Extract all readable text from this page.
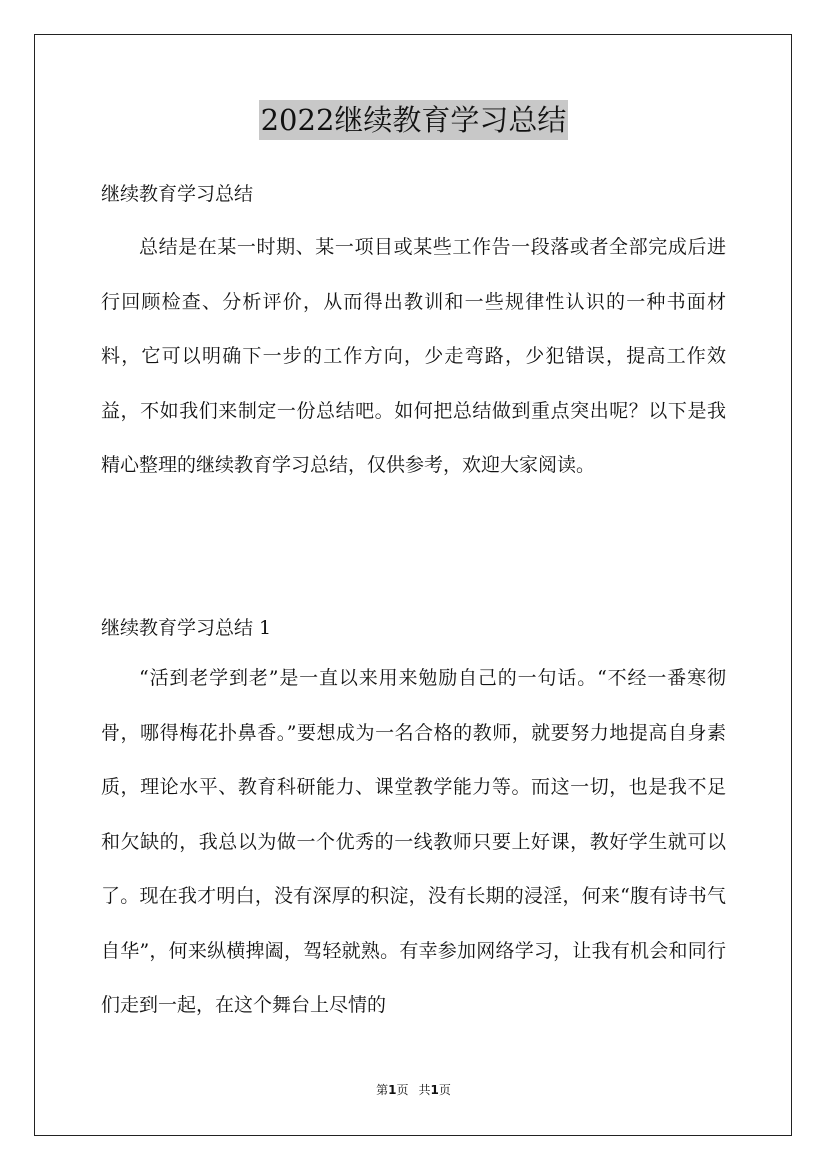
2022继续教育学习总结
继续教育学习总结

总结是在某一时期、某一项目或某些工作告一段落或者全部完成后进行回顾检查、分析评价，从而得出教训和一些规律性认识的一种书面材料，它可以明确下一步的工作方向，少走弯路，少犯错误，提高工作效益，不如我们来制定一份总结吧。如何把总结做到重点突出呢？以下是我精心整理的继续教育学习总结，仅供参考，欢迎大家阅读。

继续教育学习总结 1

“活到老学到老”是一直以来用来勉励自己的一句话。“不经一番寒彻骨，哪得梅花扑鼻香。”要想成为一名合格的教师，就要努力地提高自身素质，理论水平、教育科研能力、课堂教学能力等。而这一切，也是我不足和欠缺的，我总以为做一个优秀的一线教师只要上好课，教好学生就可以了。现在我才明白，没有深厚的积淀，没有长期的浸淫，何来“腹有诗书气自华”，何来纵横捭阖，驾轻就熟。有幸参加网络学习，让我有机会和同行们走到一起，在这个舞台上尽情的

第1页 共1页
